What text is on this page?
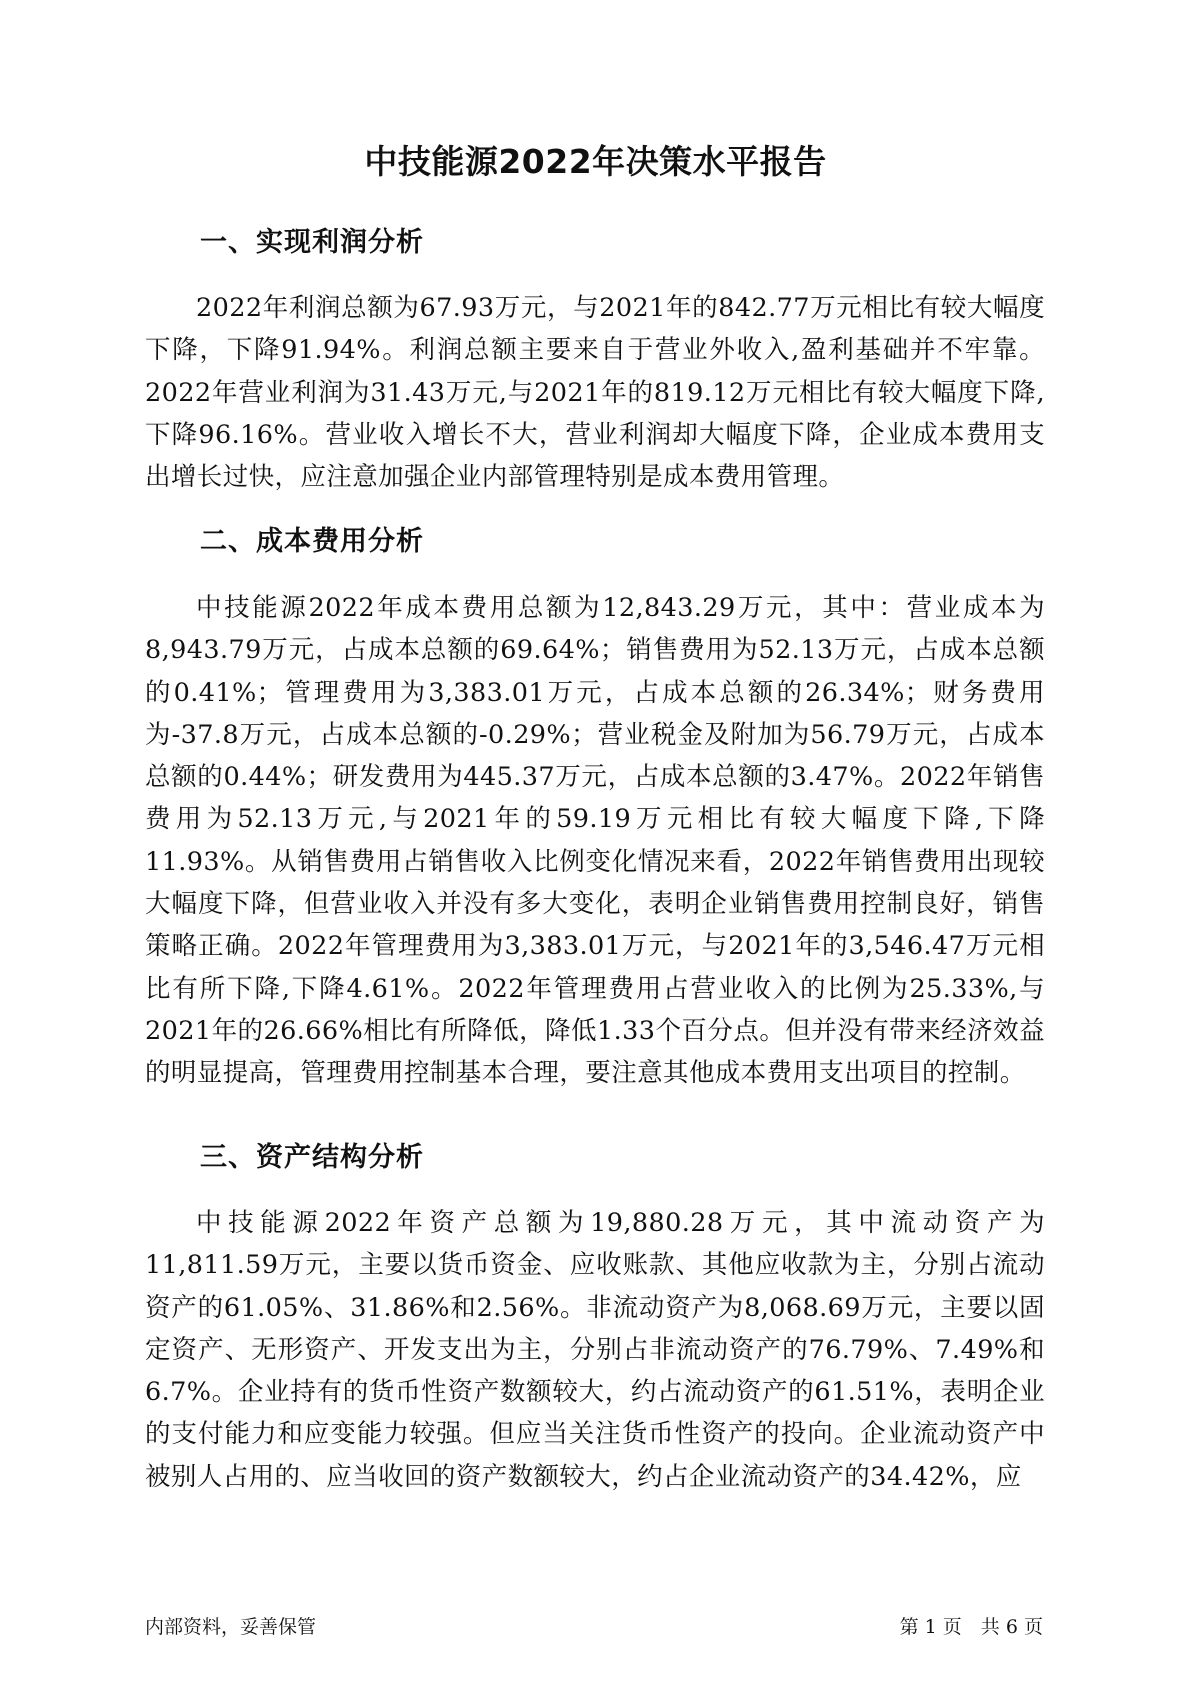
中技能源2022年决策水平报告
一、实现利润分析

2022年利润总额为67.93万元，与2021年的842.77万元相比有较大幅度下降，下降91.94%。利润总额主要来自于营业外收入,盈利基础并不牢靠。2022年营业利润为31.43万元,与2021年的819.12万元相比有较大幅度下降,下降96.16%。营业收入增长不大，营业利润却大幅度下降，企业成本费用支出增长过快，应注意加强企业内部管理特别是成本费用管理。

二、成本费用分析

中技能源2022年成本费用总额为12,843.29万元，其中：营业成本为8,943.79万元，占成本总额的69.64%；销售费用为52.13万元，占成本总额的0.41%；管理费用为3,383.01万元，占成本总额的26.34%；财务费用为-37.8万元，占成本总额的-0.29%；营业税金及附加为56.79万元，占成本总额的0.44%；研发费用为445.37万元，占成本总额的3.47%。2022年销售费用为52.13万元,与2021年的59.19万元相比有较大幅度下降,下降11.93%。从销售费用占销售收入比例变化情况来看，2022年销售费用出现较大幅度下降，但营业收入并没有多大变化，表明企业销售费用控制良好，销售策略正确。2022年管理费用为3,383.01万元，与2021年的3,546.47万元相比有所下降,下降4.61%。2022年管理费用占营业收入的比例为25.33%,与2021年的26.66%相比有所降低，降低1.33个百分点。但并没有带来经济效益的明显提高，管理费用控制基本合理，要注意其他成本费用支出项目的控制。

三、资产结构分析

中技能源2022年资产总额为19,880.28万元，其中流动资产为11,811.59万元，主要以货币资金、应收账款、其他应收款为主，分别占流动资产的61.05%、31.86%和2.56%。非流动资产为8,068.69万元，主要以固定资产、无形资产、开发支出为主，分别占非流动资产的76.79%、7.49%和6.7%。企业持有的货币性资产数额较大，约占流动资产的61.51%，表明企业的支付能力和应变能力较强。但应当关注货币性资产的投向。企业流动资产中被别人占用的、应当收回的资产数额较大，约占企业流动资产的34.42%，应

内部资料，妥善保管	第 1 页　共 6 页
